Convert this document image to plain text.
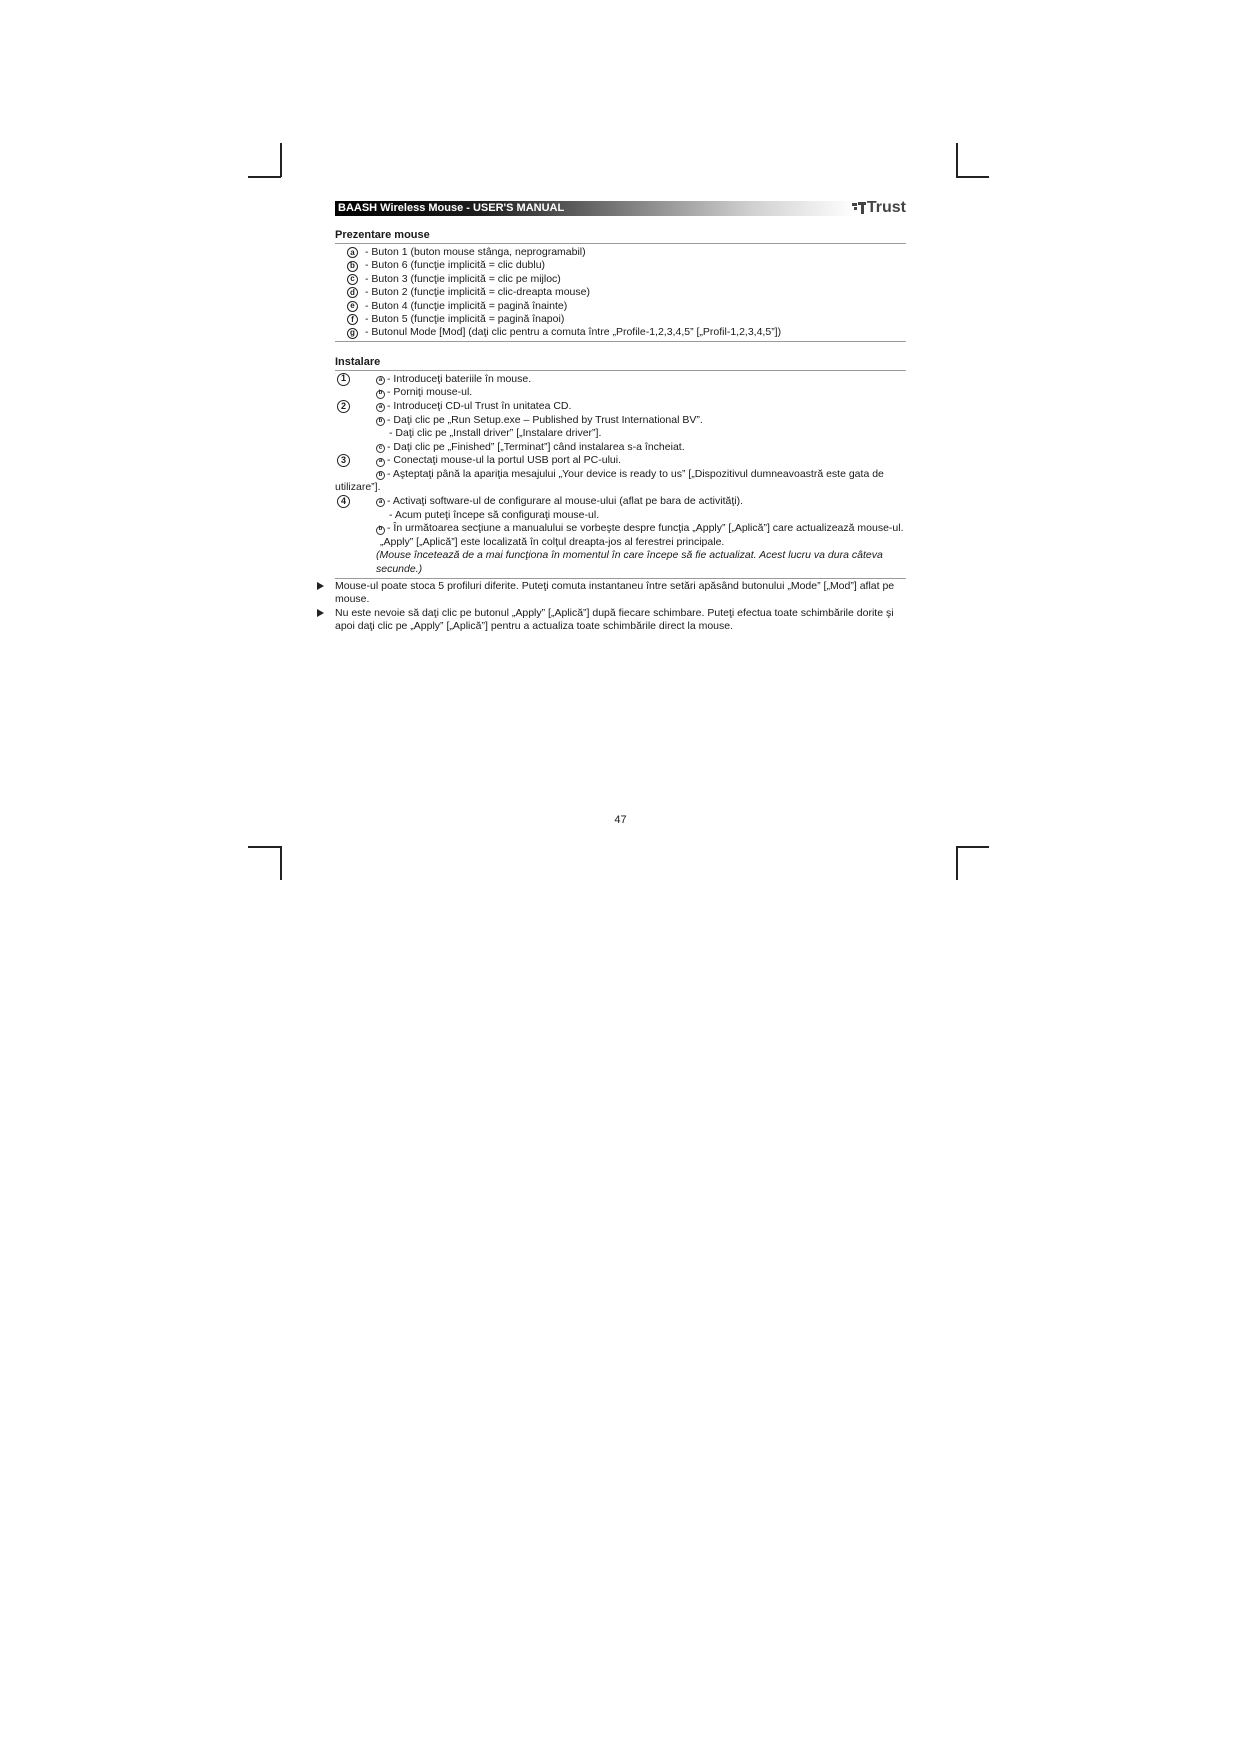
BAASH Wireless Mouse - USER'S MANUAL	Trust
Prezentare mouse
a - Buton 1 (buton mouse stânga, neprogramabil)
b - Buton 6 (funcţie implicită = clic dublu)
c - Buton 3 (funcţie implicită = clic pe mijloc)
d - Buton 2 (funcţie implicită = clic-dreapta mouse)
e - Buton 4 (funcţie implicită = pagină înainte)
f	- Buton 5 (funcţie implicită = pagină înapoi)
g - Butonul Mode [Mod] (daţi clic pentru a comuta între „Profile-1,2,3,4,5” [„Profil-1,2,3,4,5”])
Instalare
1	a - Introduceţi bateriile în mouse.
b - Porniţi mouse-ul.
2	a - Introduceţi CD-ul Trust în unitatea CD.
b - Daţi clic pe „Run Setup.exe – Published by Trust International BV”.
- Daţi clic pe „Install driver” [„Instalare driver”].
c - Daţi clic pe „Finished” [„Terminat”] când instalarea s-a încheiat.
3	a - Conectaţi mouse-ul la portul USB port al PC-ului.
b - Aşteptaţi până la apariţia mesajului „Your device is ready to us” [„Dispozitivul dumneavoastră este gata de utilizare”].
4	a - Activaţi software-ul de configurare al mouse-ului (aflat pe bara de activităţi).
- Acum puteţi începe să configuraţi mouse-ul.
b - În următoarea secţiune a manualului se vorbeşte despre funcţia „Apply” [„Aplică”] care actualizează mouse-ul.
„Apply” [„Aplică”] este localizată în colţul dreapta-jos al ferestrei principale.
(Mouse încetează de a mai funcţiona în momentul în care începe să fie actualizat. Acest lucru va dura câteva secunde.)
Mouse-ul poate stoca 5 profiluri diferite. Puteţi comuta instantaneu între setări apăsând butonului „Mode” [„Mod”] aflat pe mouse.
Nu este nevoie să daţi clic pe butonul „Apply” [„Aplică”] după fiecare schimbare. Puteţi efectua toate schimbările dorite şi apoi daţi clic pe „Apply” [„Aplică”] pentru a actualiza toate schimbările direct la mouse.
47
